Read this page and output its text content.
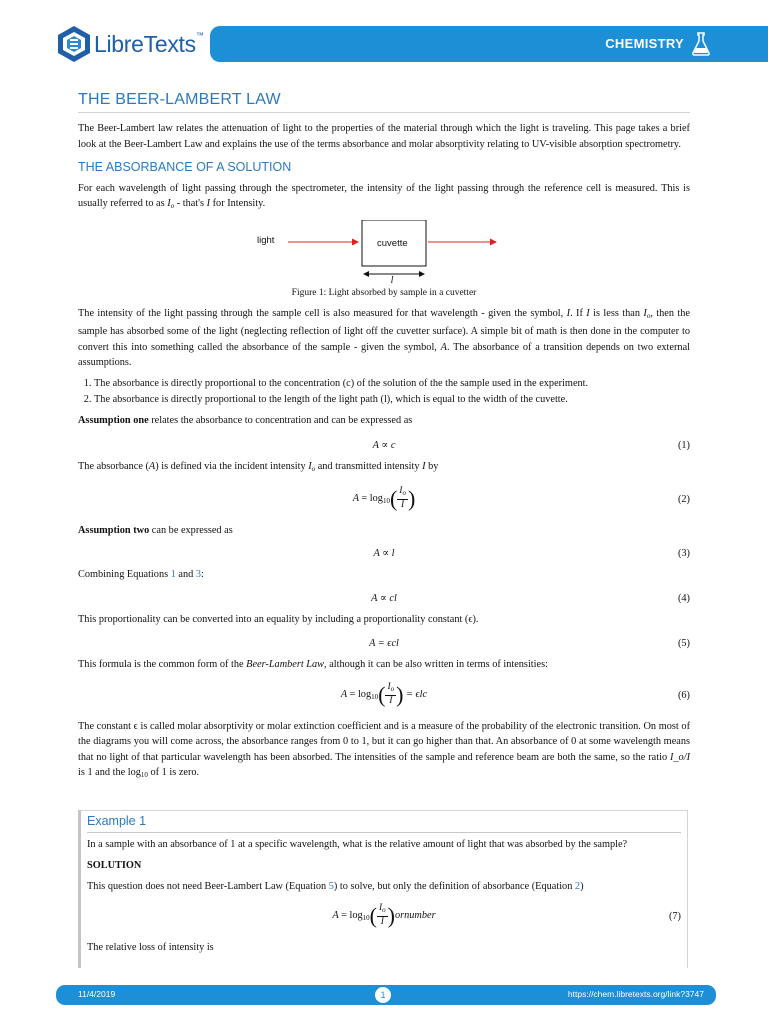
LibreTexts™
CHEMISTRY
THE BEER-LAMBERT LAW

The Beer-Lambert law relates the attenuation of light to the properties of the material through which the light is traveling. This page takes a brief look at the Beer-Lambert Law and explains the use of the terms absorbance and molar absorptivity relating to UV-visible absorption spectrometry.

THE ABSORBANCE OF A SOLUTION

For each wavelength of light passing through the spectrometer, the intensity of the light passing through the reference cell is measured. This is usually referred to as $I_o$ - that's I for Intensity.

light	cuvette
l

Figure 1: Light absorbed by sample in a cuvetter

The intensity of the light passing through the sample cell is also measured for that wavelength - given the symbol, I. If I is less than $I_o$, then the sample has absorbed some of the light (neglecting reflection of light off the cuvetter surface). A simple bit of math is then done in the computer to convert this into something called the absorbance of the sample - given the symbol, A. The absorbance of a transition depends on two external assumptions.

1. The absorbance is directly proportional to the concentration (c) of the solution of the the sample used in the experiment.
2. The absorbance is directly proportional to the length of the light path (l), which is equal to the width of the cuvette.

Assumption one relates the absorbance to concentration and can be expressed as

A ∝ c	(1)

The absorbance (A) is defined via the incident intensity $I_o$ and transmitted intensity I by

$A = \log_{10}( \frac{I_o}{I}$ )	(2)

Assumption two can be expressed as

A ∝ l	(3)

Combining Equations 1 and 3:

A ∝ cl	(4)

This proportionality can be converted into an equality by including a proportionality constant (ϵ).

A = ϵcl	(5)

This formula is the common form of the Beer-Lambert Law, although it can be also written in terms of intensities:

$A = \log_{10}( \frac{I_o}{I}$ ) = ϵlc	(6)

The constant ϵ is called molar absorptivity or molar extinction coefficient and is a measure of the probability of the electronic transition. On most of the diagrams you will come across, the absorbance ranges from 0 to 1, but it can go higher than that. An absorbance of 0 at some wavelength means that no light of that particular wavelength has been absorbed. The intensities of the sample and reference beam are both the same, so the ratio I_o/I is 1 and the $\log_{10}$ of 1 is zero.

Example 1

In a sample with an absorbance of 1 at a specific wavelength, what is the relative amount of light that was absorbed by the sample?

SOLUTION

This question does not need Beer-Lambert Law (Equation 5) to solve, but only the definition of absorbance (Equation 2)

$A = \log_{10}( \frac{I_o}{I}$ )ornumber	(7)

The relative loss of intensity is

11/4/2019	1	https://chem.libretexts.org/link?3747
